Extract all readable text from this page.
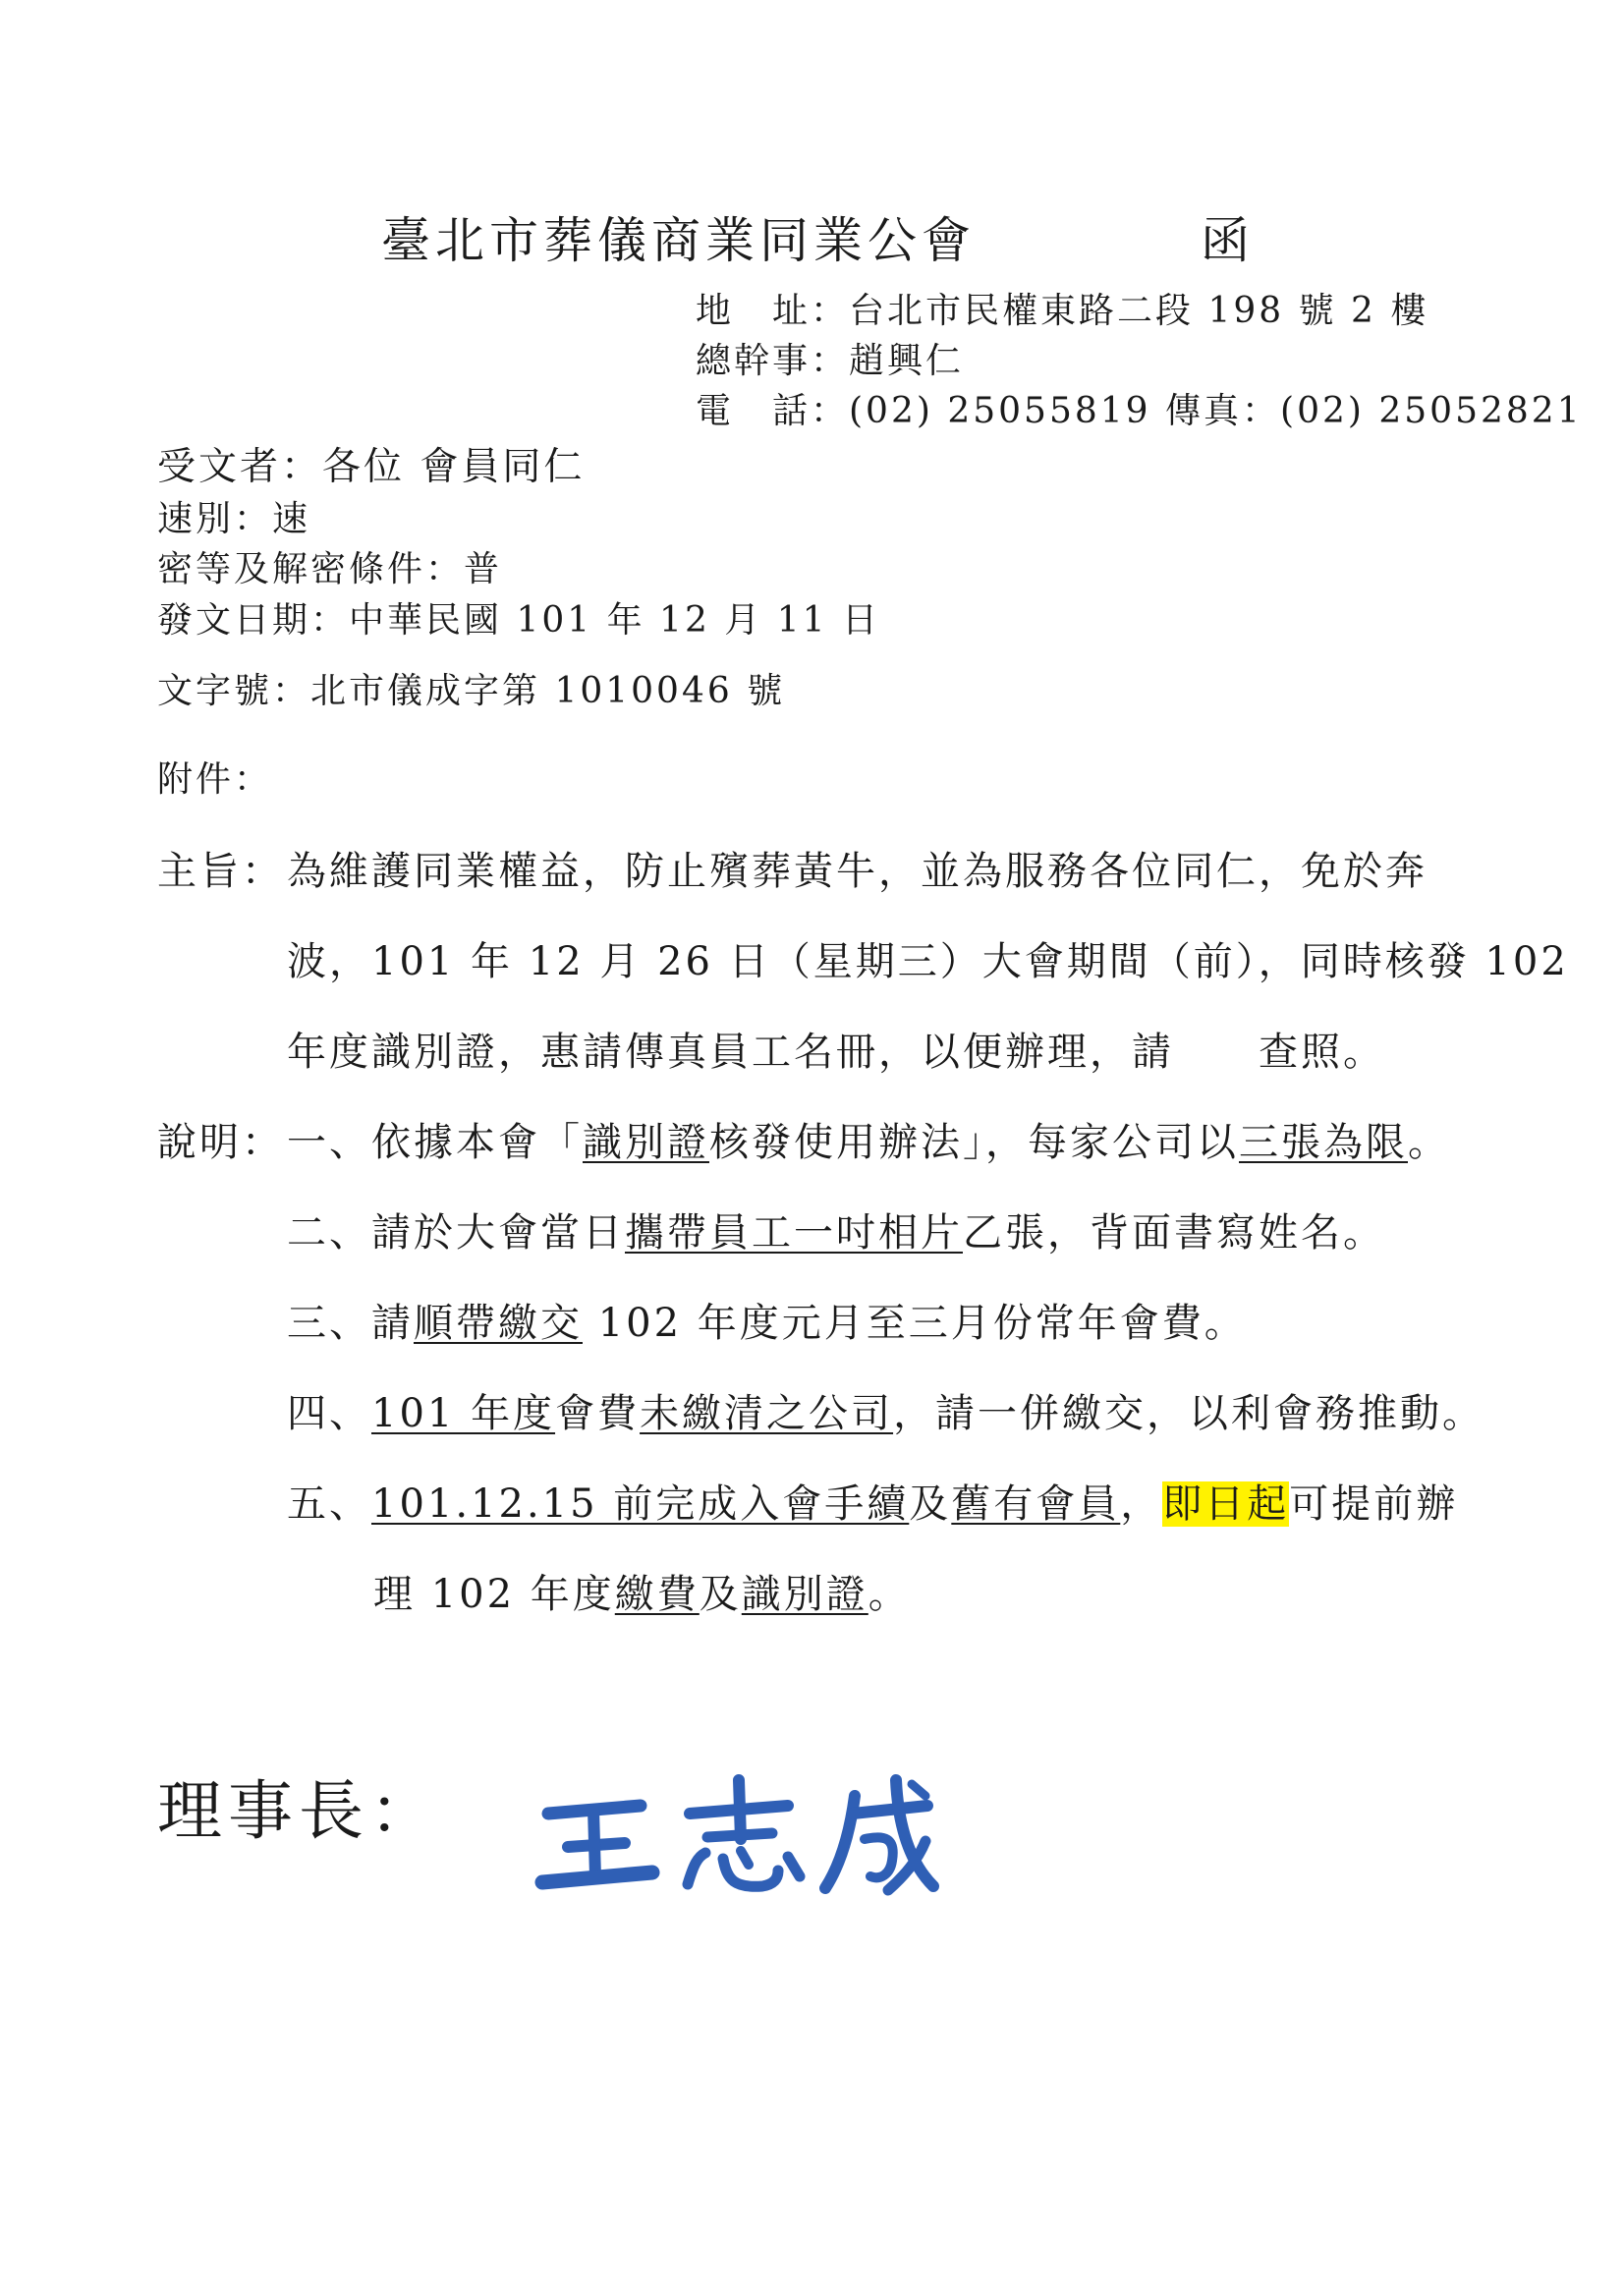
臺北市葬儀商業同業公會	函
地　址：台北市民權東路二段 198 號 2 樓
總幹事：趙興仁
電　話：(02) 25055819 傳真：(02) 25052821
受文者：各位 會員同仁
速別：速
密等及解密條件：普
發文日期：中華民國 101 年 12 月 11 日
文字號：北市儀成字第 1010046 號
附件：
主旨： 為維護同業權益，防止殯葬黃牛，並為服務各位同仁，免於奔
波，101 年 12 月 26 日（星期三）大會期間（前），同時核發 102
年度識別證，惠請傳真員工名冊，以便辦理，請　　查照。
說明： 一、依據本會「識別證核發使用辦法」，每家公司以三張為限。
二、請於大會當日攜帶員工一吋相片乙張，背面書寫姓名。
三、請順帶繳交 102 年度元月至三月份常年會費。
四、101 年度會費未繳清之公司，請一併繳交，以利會務推動。
五、101.12.15 前完成入會手續及舊有會員，即日起可提前辦
理 102 年度繳費及識別證。
理事長：
